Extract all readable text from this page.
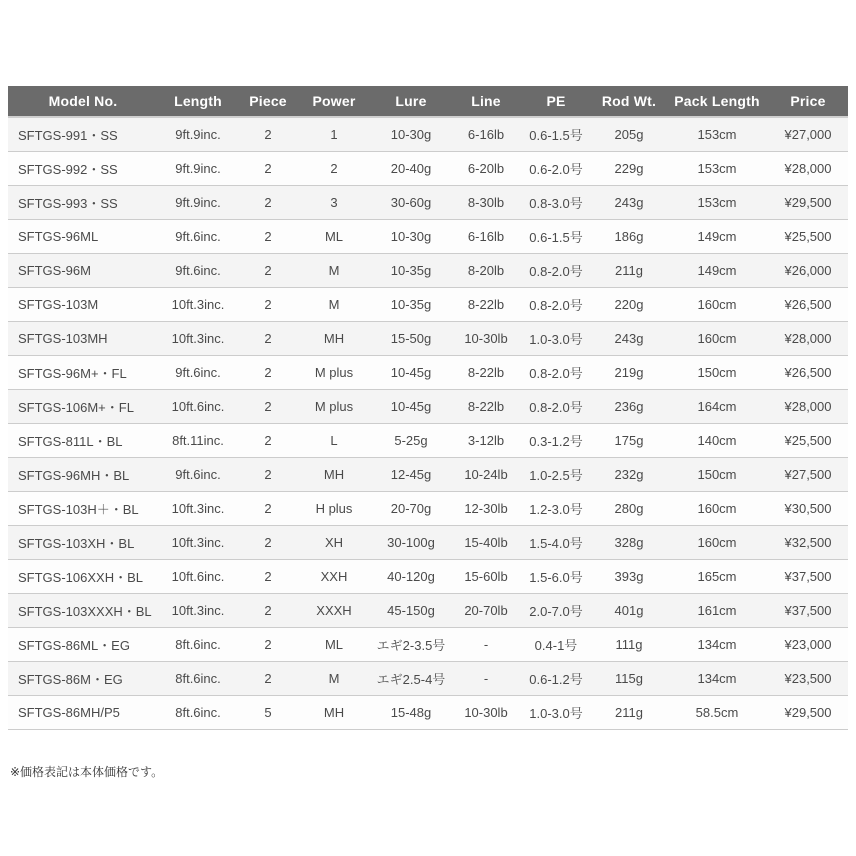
Model No.	Length	Piece	Power	Lure	Line	PE	Rod Wt.	Pack Length	Price
SFTGS-991・SS	9ft.9inc.	2	1	10-30g	6-16lb	0.6-1.5号	205g	153cm	¥27,000
SFTGS-992・SS	9ft.9inc.	2	2	20-40g	6-20lb	0.6-2.0号	229g	153cm	¥28,000
SFTGS-993・SS	9ft.9inc.	2	3	30-60g	8-30lb	0.8-3.0号	243g	153cm	¥29,500
SFTGS-96ML	9ft.6inc.	2	ML	10-30g	6-16lb	0.6-1.5号	186g	149cm	¥25,500
SFTGS-96M	9ft.6inc.	2	M	10-35g	8-20lb	0.8-2.0号	211g	149cm	¥26,000
SFTGS-103M	10ft.3inc.	2	M	10-35g	8-22lb	0.8-2.0号	220g	160cm	¥26,500
SFTGS-103MH	10ft.3inc.	2	MH	15-50g	10-30lb	1.0-3.0号	243g	160cm	¥28,000
SFTGS-96M+・FL	9ft.6inc.	2	M plus	10-45g	8-22lb	0.8-2.0号	219g	150cm	¥26,500
SFTGS-106M+・FL	10ft.6inc.	2	M plus	10-45g	8-22lb	0.8-2.0号	236g	164cm	¥28,000
SFTGS-811L・BL	8ft.11inc.	2	L	5-25g	3-12lb	0.3-1.2号	175g	140cm	¥25,500
SFTGS-96MH・BL	9ft.6inc.	2	MH	12-45g	10-24lb	1.0-2.5号	232g	150cm	¥27,500
SFTGS-103H＋・BL	10ft.3inc.	2	H plus	20-70g	12-30lb	1.2-3.0号	280g	160cm	¥30,500
SFTGS-103XH・BL	10ft.3inc.	2	XH	30-100g	15-40lb	1.5-4.0号	328g	160cm	¥32,500
SFTGS-106XXH・BL	10ft.6inc.	2	XXH	40-120g	15-60lb	1.5-6.0号	393g	165cm	¥37,500
SFTGS-103XXXH・BL	10ft.3inc.	2	XXXH	45-150g	20-70lb	2.0-7.0号	401g	161cm	¥37,500
SFTGS-86ML・EG	8ft.6inc.	2	ML	エギ2-3.5号	-	0.4-1号	111g	134cm	¥23,000
SFTGS-86M・EG	8ft.6inc.	2	M	エギ2.5-4号	-	0.6-1.2号	115g	134cm	¥23,500
SFTGS-86MH/P5	8ft.6inc.	5	MH	15-48g	10-30lb	1.0-3.0号	211g	58.5cm	¥29,500

※価格表記は本体価格です。
